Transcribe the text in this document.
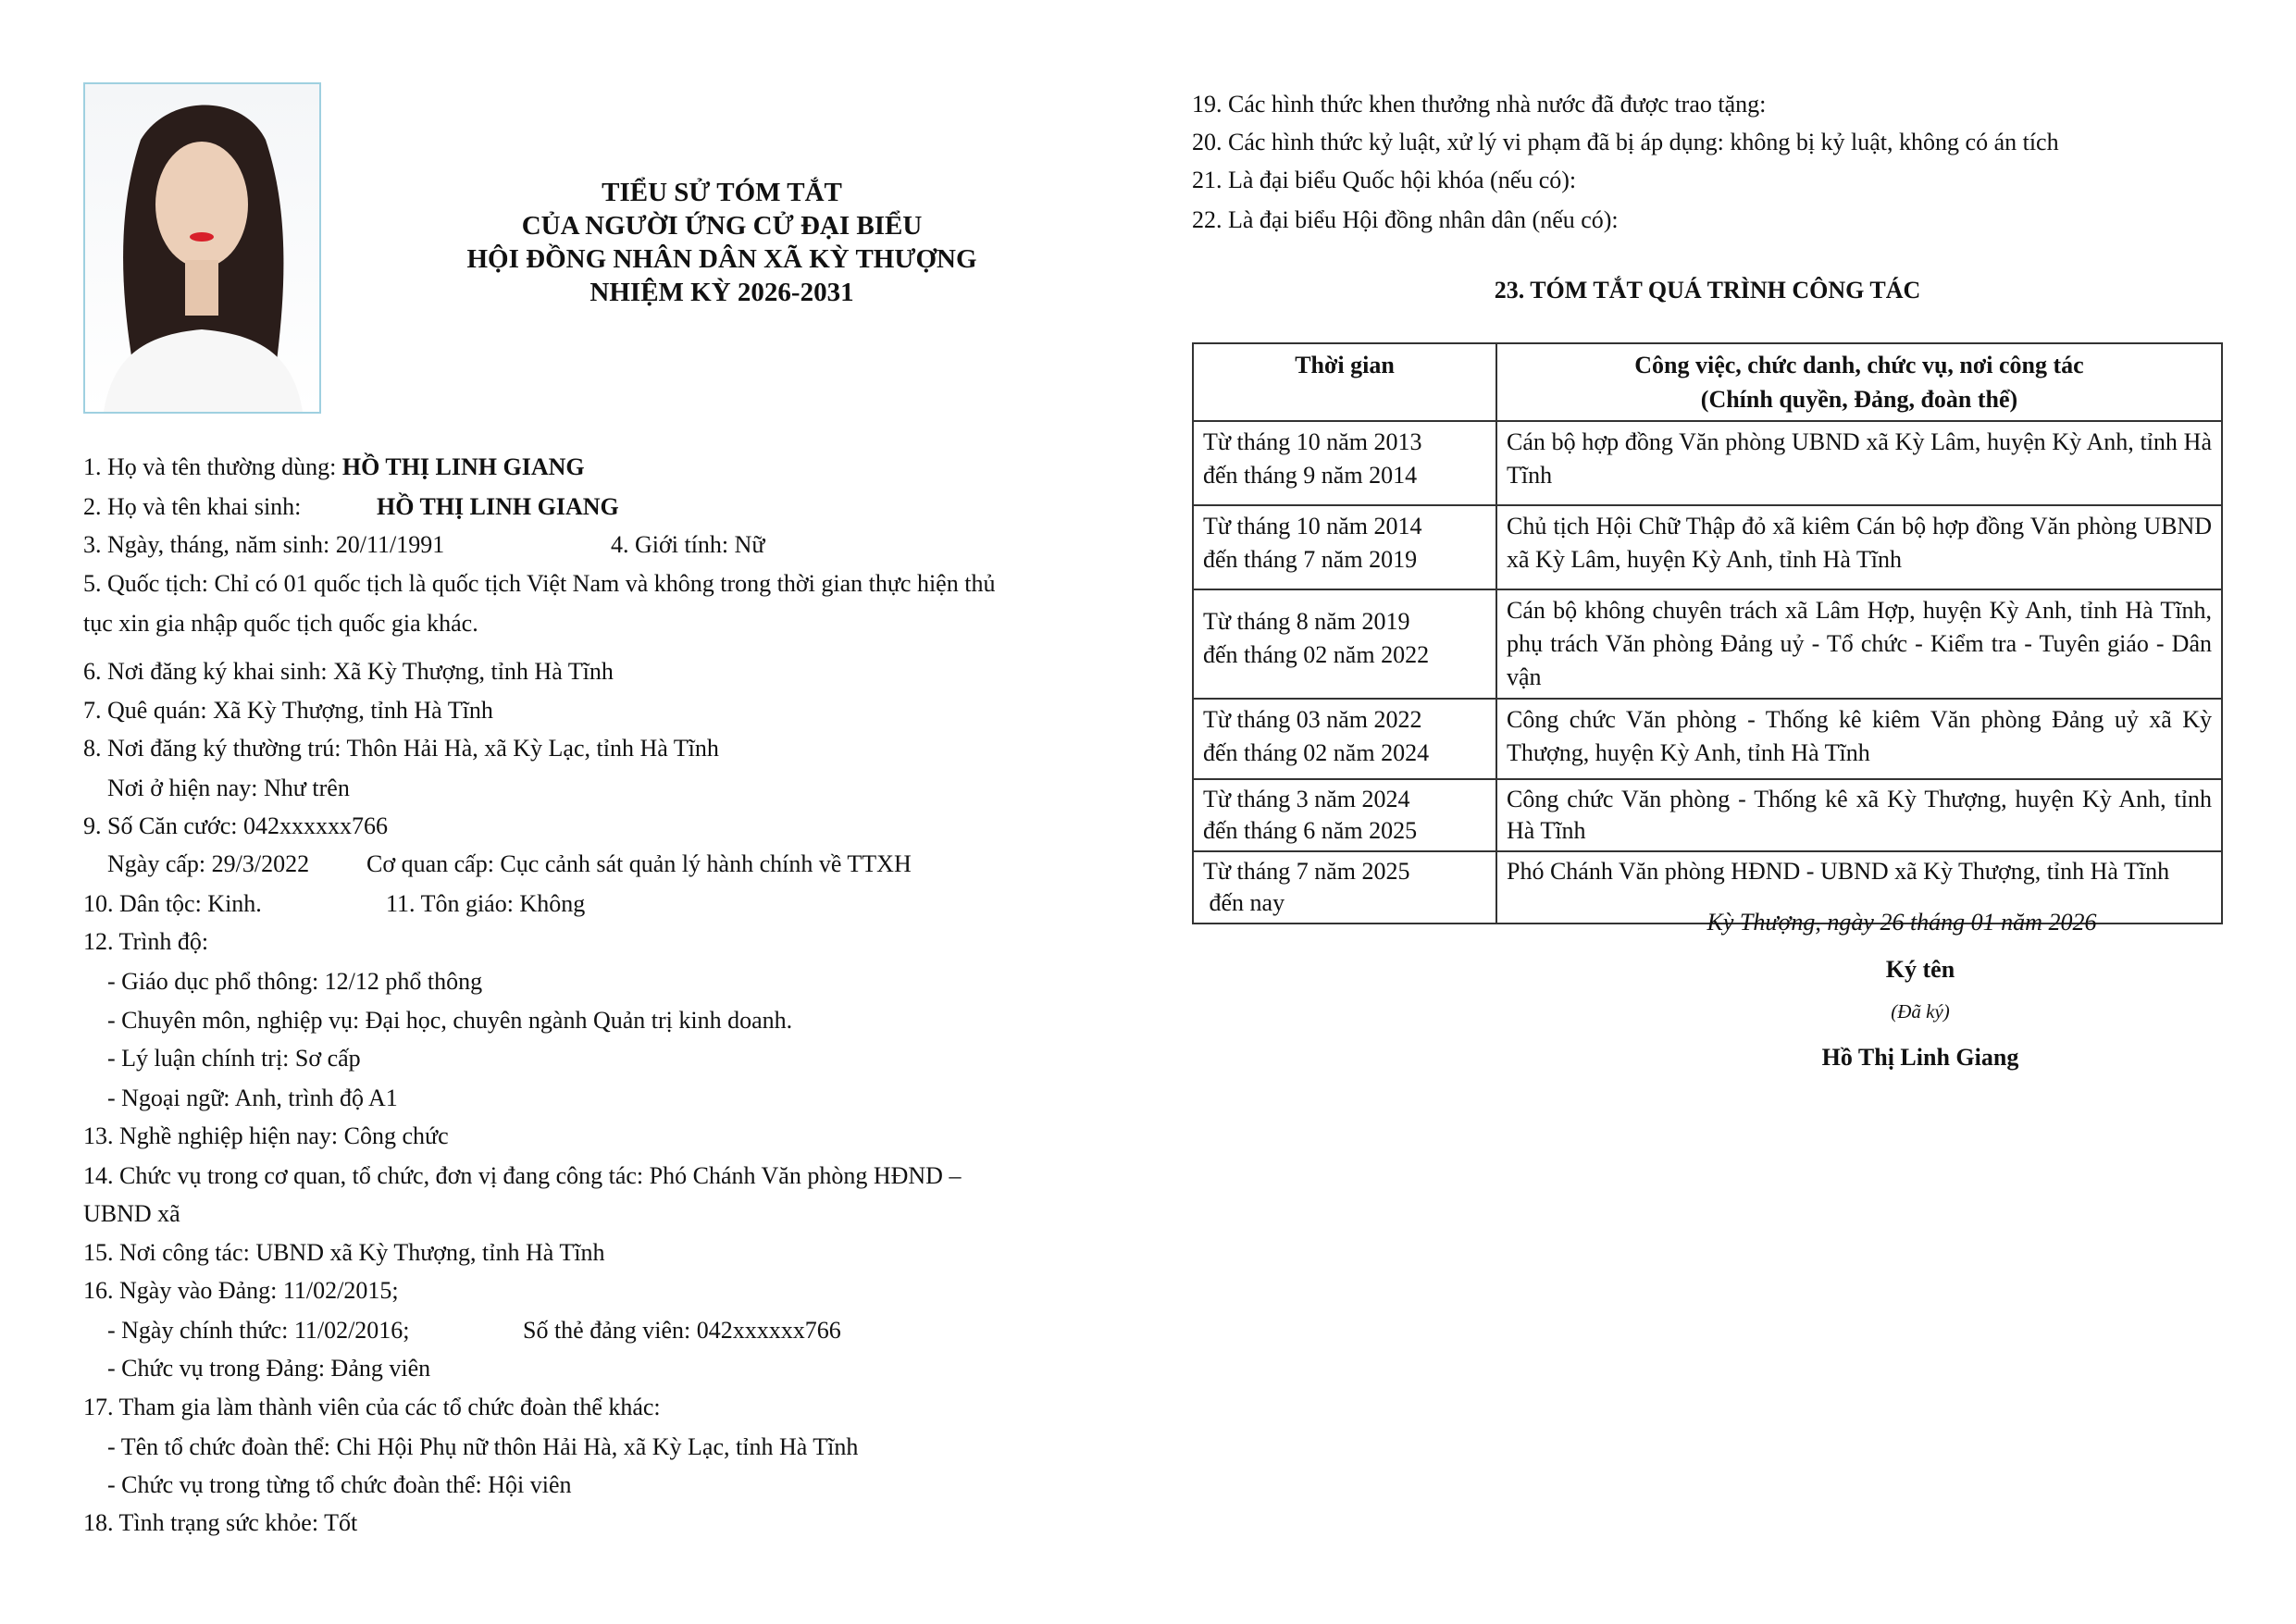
TIỂU SỬ TÓM TẮT
CỦA NGƯỜI ỨNG CỬ ĐẠI BIỂU
HỘI ĐỒNG NHÂN DÂN XÃ KỲ THƯỢNG
NHIỆM KỲ 2026-2031
1. Họ và tên thường dùng: HỒ THỊ LINH GIANG
2. Họ và tên khai sinh:	HỒ THỊ LINH GIANG
3. Ngày, tháng, năm sinh: 20/11/1991	4. Giới tính: Nữ
5. Quốc tịch: Chỉ có 01 quốc tịch là quốc tịch Việt Nam và không trong thời gian thực hiện thủ
tục xin gia nhập quốc tịch quốc gia khác.
6. Nơi đăng ký khai sinh: Xã Kỳ Thượng, tỉnh Hà Tĩnh
7. Quê quán: Xã Kỳ Thượng, tỉnh Hà Tĩnh
8. Nơi đăng ký thường trú: Thôn Hải Hà, xã Kỳ Lạc, tỉnh Hà Tĩnh
Nơi ở hiện nay: Như trên
9. Số Căn cước: 042xxxxxx766
Ngày cấp: 29/3/2022 Cơ quan cấp: Cục cảnh sát quản lý hành chính về TTXH
10. Dân tộc: Kinh.	11. Tôn giáo: Không
12. Trình độ:
- Giáo dục phổ thông: 12/12 phổ thông
- Chuyên môn, nghiệp vụ: Đại học, chuyên ngành Quản trị kinh doanh.
- Lý luận chính trị: Sơ cấp
- Ngoại ngữ: Anh, trình độ A1
13. Nghề nghiệp hiện nay: Công chức
14. Chức vụ trong cơ quan, tổ chức, đơn vị đang công tác: Phó Chánh Văn phòng HĐND –
UBND xã
15. Nơi công tác: UBND xã Kỳ Thượng, tỉnh Hà Tĩnh
16. Ngày vào Đảng: 11/02/2015;
- Ngày chính thức: 11/02/2016;	Số thẻ đảng viên: 042xxxxxx766
- Chức vụ trong Đảng: Đảng viên
17. Tham gia làm thành viên của các tổ chức đoàn thể khác:
- Tên tổ chức đoàn thể: Chi Hội Phụ nữ thôn Hải Hà, xã Kỳ Lạc, tỉnh Hà Tĩnh
- Chức vụ trong từng tổ chức đoàn thể: Hội viên
18. Tình trạng sức khỏe: Tốt
19. Các hình thức khen thưởng nhà nước đã được trao tặng:
20. Các hình thức kỷ luật, xử lý vi phạm đã bị áp dụng: không bị kỷ luật, không có án tích
21. Là đại biểu Quốc hội khóa (nếu có):
22. Là đại biểu Hội đồng nhân dân (nếu có):
23. TÓM TẮT QUÁ TRÌNH CÔNG TÁC
Thời gian	Công việc, chức danh, chức vụ, nơi công tác
(Chính quyền, Đảng, đoàn thể)

Từ tháng 10 năm 2013
đến tháng 9 năm 2014	Cán bộ hợp đồng Văn phòng UBND xã Kỳ Lâm, huyện Kỳ Anh, tỉnh Hà Tĩnh

Từ tháng 10 năm 2014
đến tháng 7 năm 2019	Chủ tịch Hội Chữ Thập đỏ xã kiêm Cán bộ hợp đồng Văn phòng UBND xã Kỳ Lâm, huyện Kỳ Anh, tỉnh Hà Tĩnh

Từ tháng 8 năm 2019
đến tháng 02 năm 2022	Cán bộ không chuyên trách xã Lâm Hợp, huyện Kỳ Anh, tỉnh Hà Tĩnh, phụ trách Văn phòng Đảng uỷ - Tổ chức - Kiểm tra - Tuyên giáo - Dân vận

Từ tháng 03 năm 2022
đến tháng 02 năm 2024	Công chức Văn phòng - Thống kê kiêm Văn phòng Đảng uỷ xã Kỳ Thượng, huyện Kỳ Anh, tỉnh Hà Tĩnh

Từ tháng 3 năm 2024
đến tháng 6 năm 2025	Công chức Văn phòng - Thống kê xã Kỳ Thượng, huyện Kỳ Anh, tỉnh Hà Tĩnh

Từ tháng 7 năm 2025
đến nay	Phó Chánh Văn phòng HĐND - UBND xã Kỳ Thượng, tỉnh Hà Tĩnh
Kỳ Thượng, ngày 26 tháng 01 năm 2026
Ký tên
(Đã ký)
Hồ Thị Linh Giang
